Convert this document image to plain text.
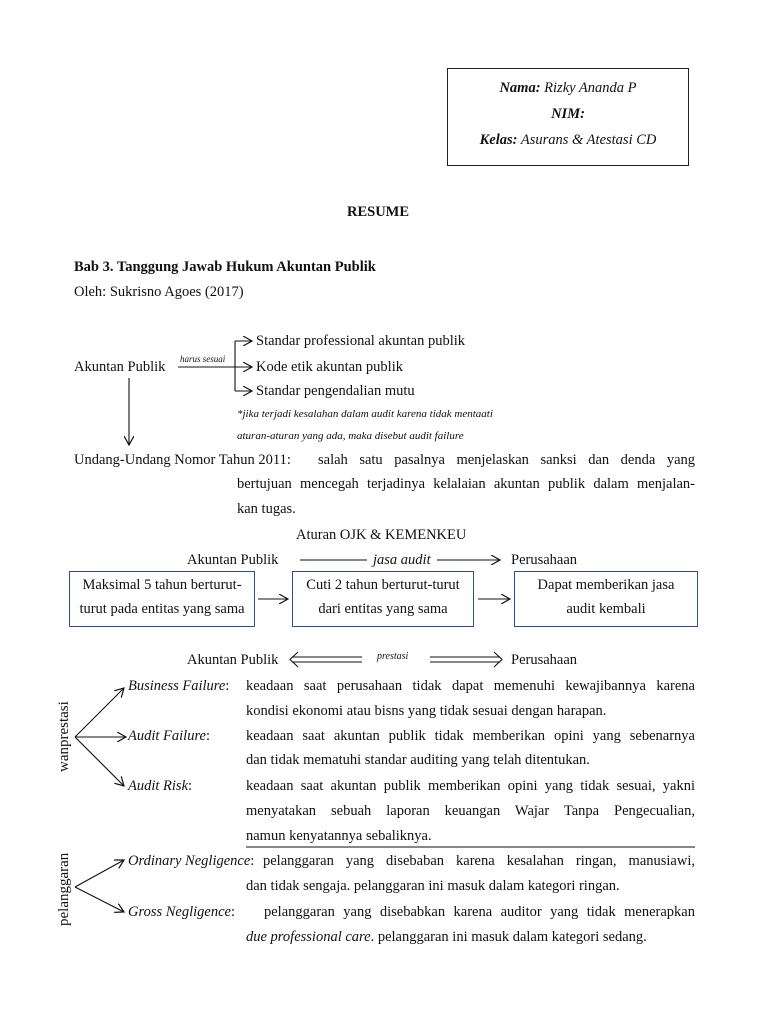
Nama: Rizky Ananda P
NIM:
Kelas: Asurans & Atestasi CD
RESUME
Bab 3. Tanggung Jawab Hukum Akuntan Publik
Oleh: Sukrisno Agoes (2017)
Akuntan Publik harus sesuai
Standar professional akuntan publik
Kode etik akuntan publik
Standar pengendalian mutu
*jika terjadi kesalahan dalam audit karena tidak mentaati
aturan-aturan yang ada, maka disebut audit failure
Undang-Undang Nomor Tahun 2011: salah satu pasalnya menjelaskan sanksi dan denda yang
bertujuan mencegah terjadinya kelalaian akuntan publik dalam menjalan-
kan tugas.
Aturan OJK & KEMENKEU
Akuntan Publik	jasa audit	Perusahaan
Maksimal 5 tahun berturut-
turut pada entitas yang sama
Cuti 2 tahun berturut-turut
dari entitas yang sama
Dapat memberikan jasa
audit kembali
Akuntan Publik	prestasi	Perusahaan
wanprestasi
Business Failure: keadaan saat perusahaan tidak dapat memenuhi kewajibannya karena
kondisi ekonomi atau bisns yang tidak sesuai dengan harapan.
Audit Failure: keadaan saat akuntan publik tidak memberikan opini yang sebenarnya
dan tidak mematuhi standar auditing yang telah ditentukan.
Audit Risk:	keadaan saat akuntan publik memberikan opini yang tidak sesuai, yakni
menyatakan sebuah laporan keuangan Wajar Tanpa Pengecualian,
namun kenyatannya sebaliknya.
pelanggaran	Ordinary Negligence: pelanggaran yang disebaban karena kesalahan ringan, manusiawi,
dan tidak sengaja. pelanggaran ini masuk dalam kategori ringan.
Gross Negligence: pelanggaran yang disebabkan karena auditor yang tidak menerapkan
due professional care. pelanggaran ini masuk dalam kategori sedang.
